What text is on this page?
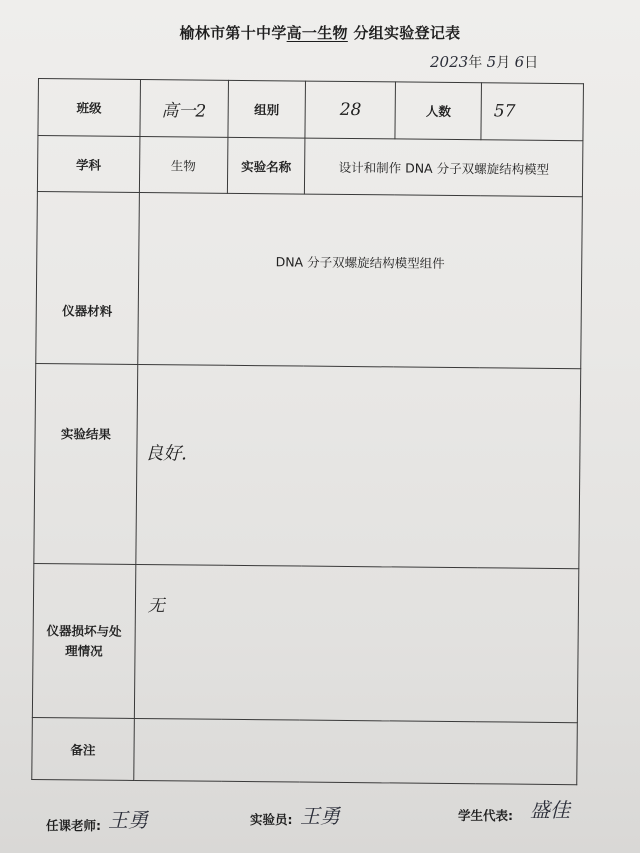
榆林市第十中学高一生物 分组实验登记表
2023年 5月 6日
班级	高一2	组别	28	人数	57
学科	生物	实验名称	设计和制作 DNA 分子双螺旋结构模型		
仪器材料	DNA 分子双螺旋结构模型组件				
实验结果	良好.				
仪器损坏与处
理情况	无				
备注					
任课老师: 王勇	实验员: 王勇	学生代表: 盛佳
